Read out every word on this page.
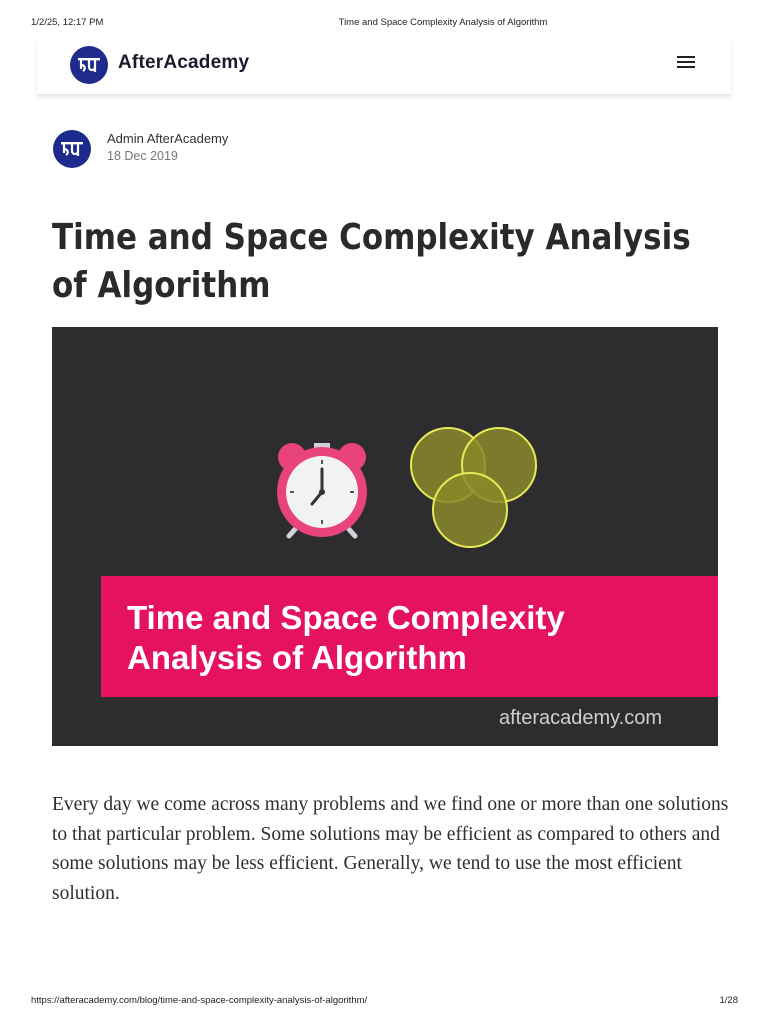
1/2/25, 12:17 PM	Time and Space Complexity Analysis of Algorithm
AfterAcademy
Admin AfterAcademy
18 Dec 2019
Time and Space Complexity Analysis of Algorithm
Time and Space Complexity Analysis of Algorithm
afteracademy.com

Every day we come across many problems and we find one or more than one solutions to that particular problem. Some solutions may be efficient as compared to others and some solutions may be less efficient. Generally, we tend to use the most efficient solution.

https://afteracademy.com/blog/time-and-space-complexity-analysis-of-algorithm/	1/28
